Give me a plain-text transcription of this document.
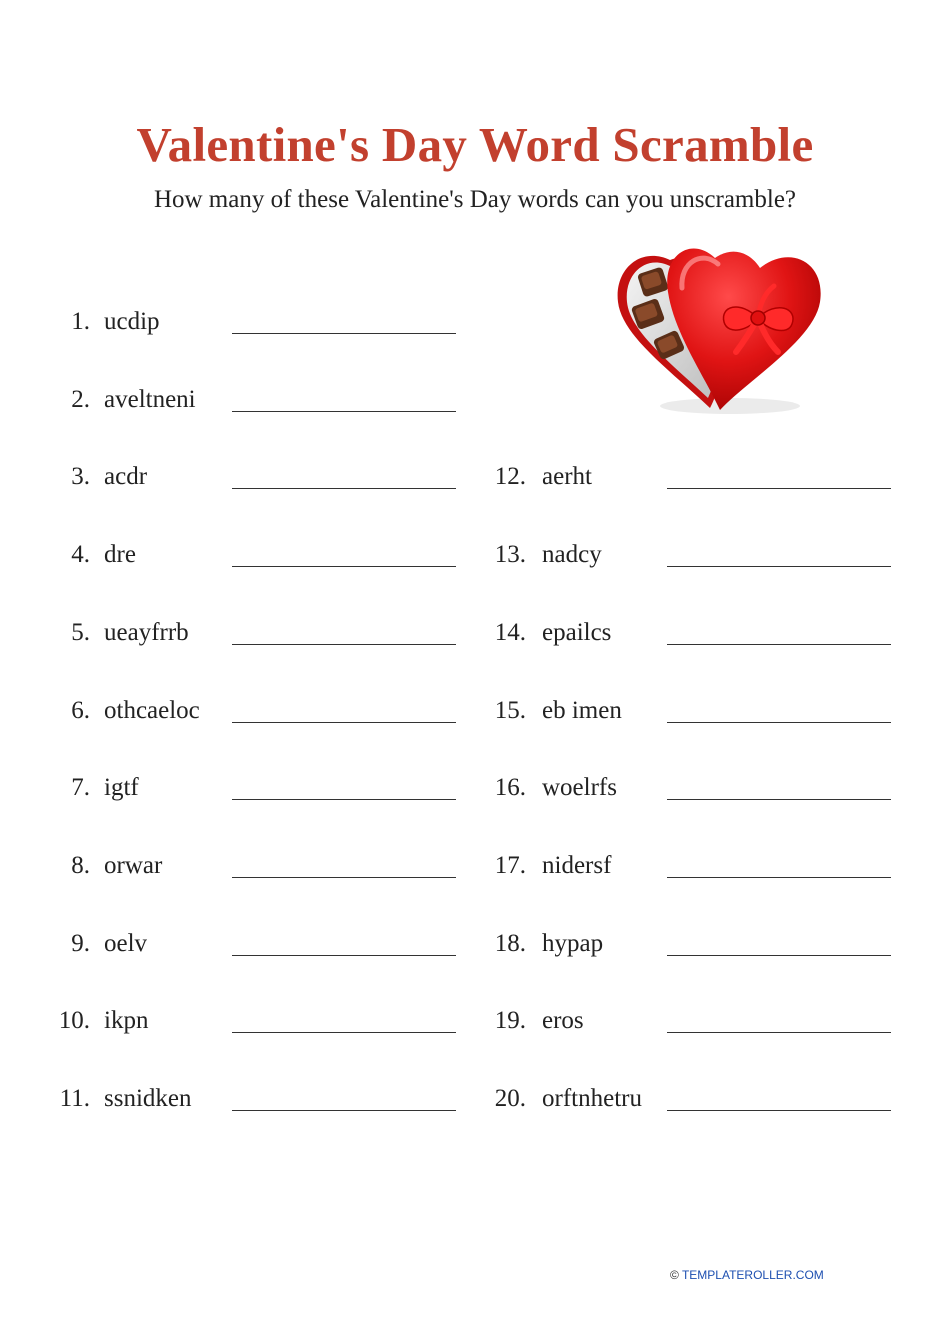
Valentine's Day Word Scramble

How many of these Valentine's Day words can you unscramble?

1. ucdip
2. aveltneni
3. acdr
4. dre
5. ueayfrrb
6. othcaeloc
7. igtf
8. orwar
9. oelv
10. ikpn
11. ssnidken
12. aerht
13. nadcy
14. epailcs
15. eb imen
16. woelrfs
17. nidersf
18. hypap
19. eros
20. orftnhetru
© TEMPLATEROLLER.COM
